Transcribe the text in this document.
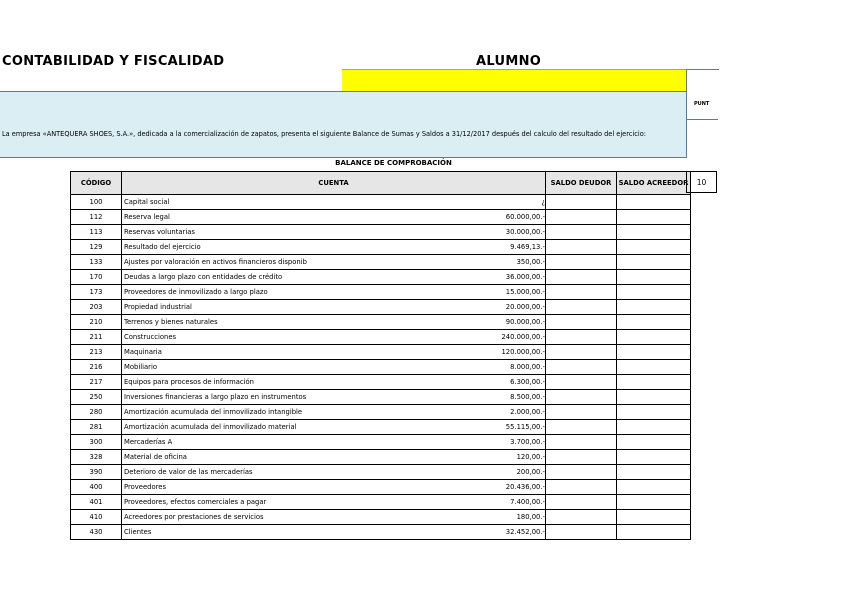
CONTABILIDAD Y FISCALIDAD	ALUMNO
PUNT
La empresa «ANTEQUERA SHOES, S.A.», dedicada a la comercialización de zapatos, presenta el siguiente Balance de Sumas y Saldos a 31/12/2017 después del calculo del resultado del ejercicio:
BALANCE DE COMPROBACIÓN
CÓDIGO	CUENTA		SALDO DEUDOR	SALDO ACREEDOR
100	Capital social	¿		
112	Reserva legal	60.000,00.-		
113	Reservas voluntarias	30.000,00.-		
129	Resultado del ejercicio	9.469,13.-		
133	Ajustes por valoración en activos financieros disponib	350,00.-		
170	Deudas a largo plazo con entidades de crédito	36.000,00.-		
173	Proveedores de inmovilizado a largo plazo	15.000,00.-		
203	Propiedad industrial	20.000,00.-		
210	Terrenos y bienes naturales	90.000,00.-		
211	Construcciones	240.000,00.-		
213	Maquinaria	120.000,00.-		
216	Mobiliario	8.000,00.-		
217	Equipos para procesos de información	6.300,00.-		
250	Inversiones financieras a largo plazo en instrumentos	8.500,00.-		
280	Amortización acumulada del inmovilizado intangible	2.000,00.-		
281	Amortización acumulada del inmovilizado material	55.115,00.-		
300	Mercaderías A	3.700,00.-		
328	Material de oficina	120,00.-		
390	Deterioro de valor de las mercaderías	200,00.-		
400	Proveedores	20.436,00.-		
401	Proveedores, efectos comerciales a pagar	7.400,00.-		
410	Acreedores por prestaciones de servicios	180,00.-		
430	Clientes	32.452,00.-		
10
